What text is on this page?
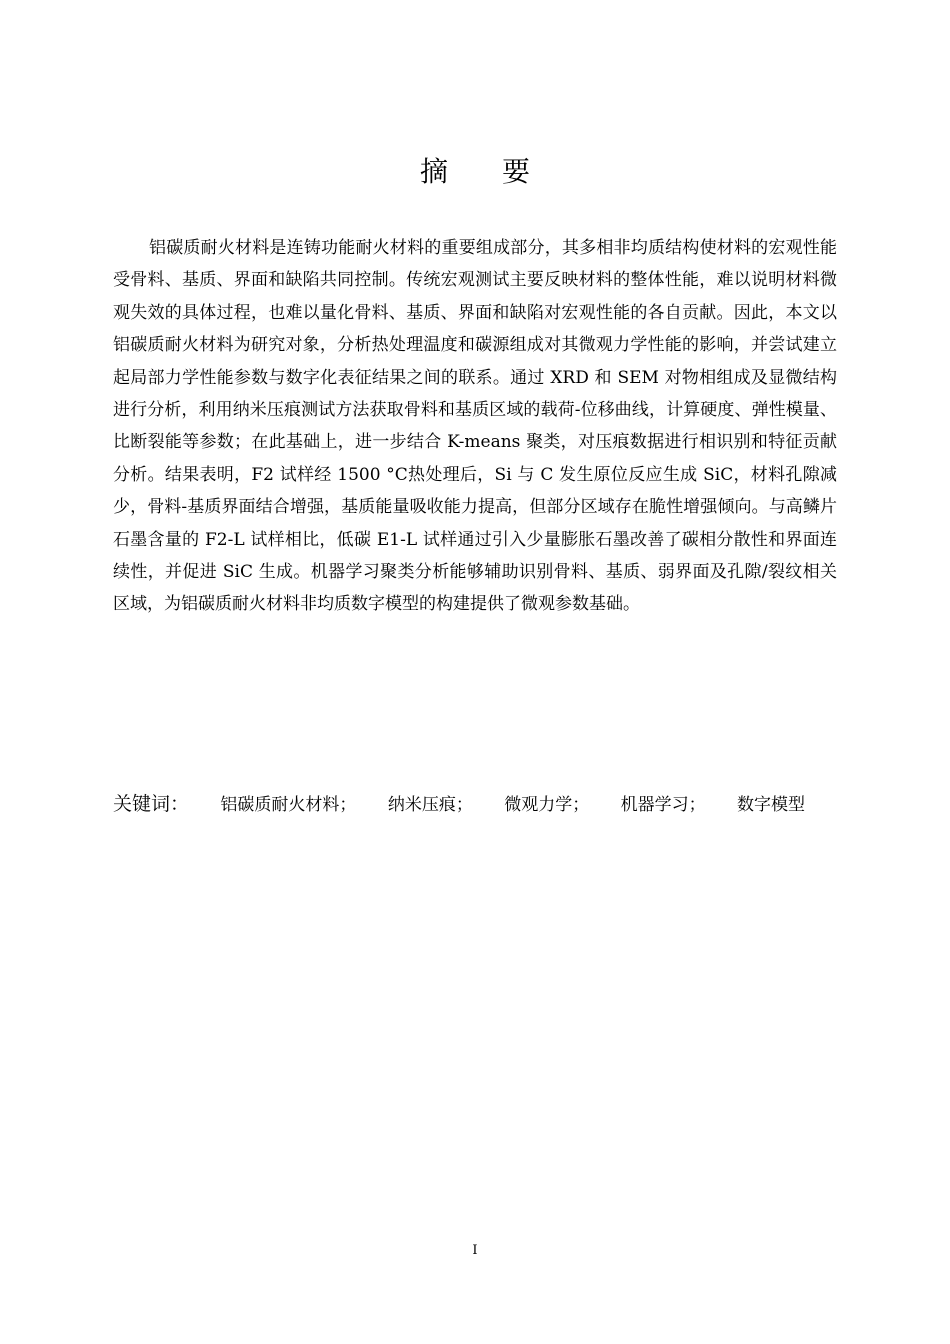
摘 要

铝碳质耐火材料是连铸功能耐火材料的重要组成部分，其多相非均质结构使材料的宏观性能受骨料、基质、界面和缺陷共同控制。传统宏观测试主要反映材料的整体性能，难以说明材料微观失效的具体过程，也难以量化骨料、基质、界面和缺陷对宏观性能的各自贡献。因此，本文以铝碳质耐火材料为研究对象，分析热处理温度和碳源组成对其微观力学性能的影响，并尝试建立起局部力学性能参数与数字化表征结果之间的联系。通过 XRD 和 SEM 对物相组成及显微结构进行分析，利用纳米压痕测试方法获取骨料和基质区域的载荷-位移曲线，计算硬度、弹性模量、比断裂能等参数；在此基础上，进一步结合 K-means 聚类，对压痕数据进行相识别和特征贡献分析。结果表明，F2 试样经 1500 °C热处理后，Si 与 C 发生原位反应生成 SiC，材料孔隙减少，骨料-基质界面结合增强，基质能量吸收能力提高，但部分区域存在脆性增强倾向。与高鳞片石墨含量的 F2-L 试样相比，低碳 E1-L 试样通过引入少量膨胀石墨改善了碳相分散性和界面连续性，并促进 SiC 生成。机器学习聚类分析能够辅助识别骨料、基质、弱界面及孔隙/裂纹相关区域，为铝碳质耐火材料非均质数字模型的构建提供了微观参数基础。

关键词： 铝碳质耐火材料； 纳米压痕； 微观力学； 机器学习； 数字模型
I
